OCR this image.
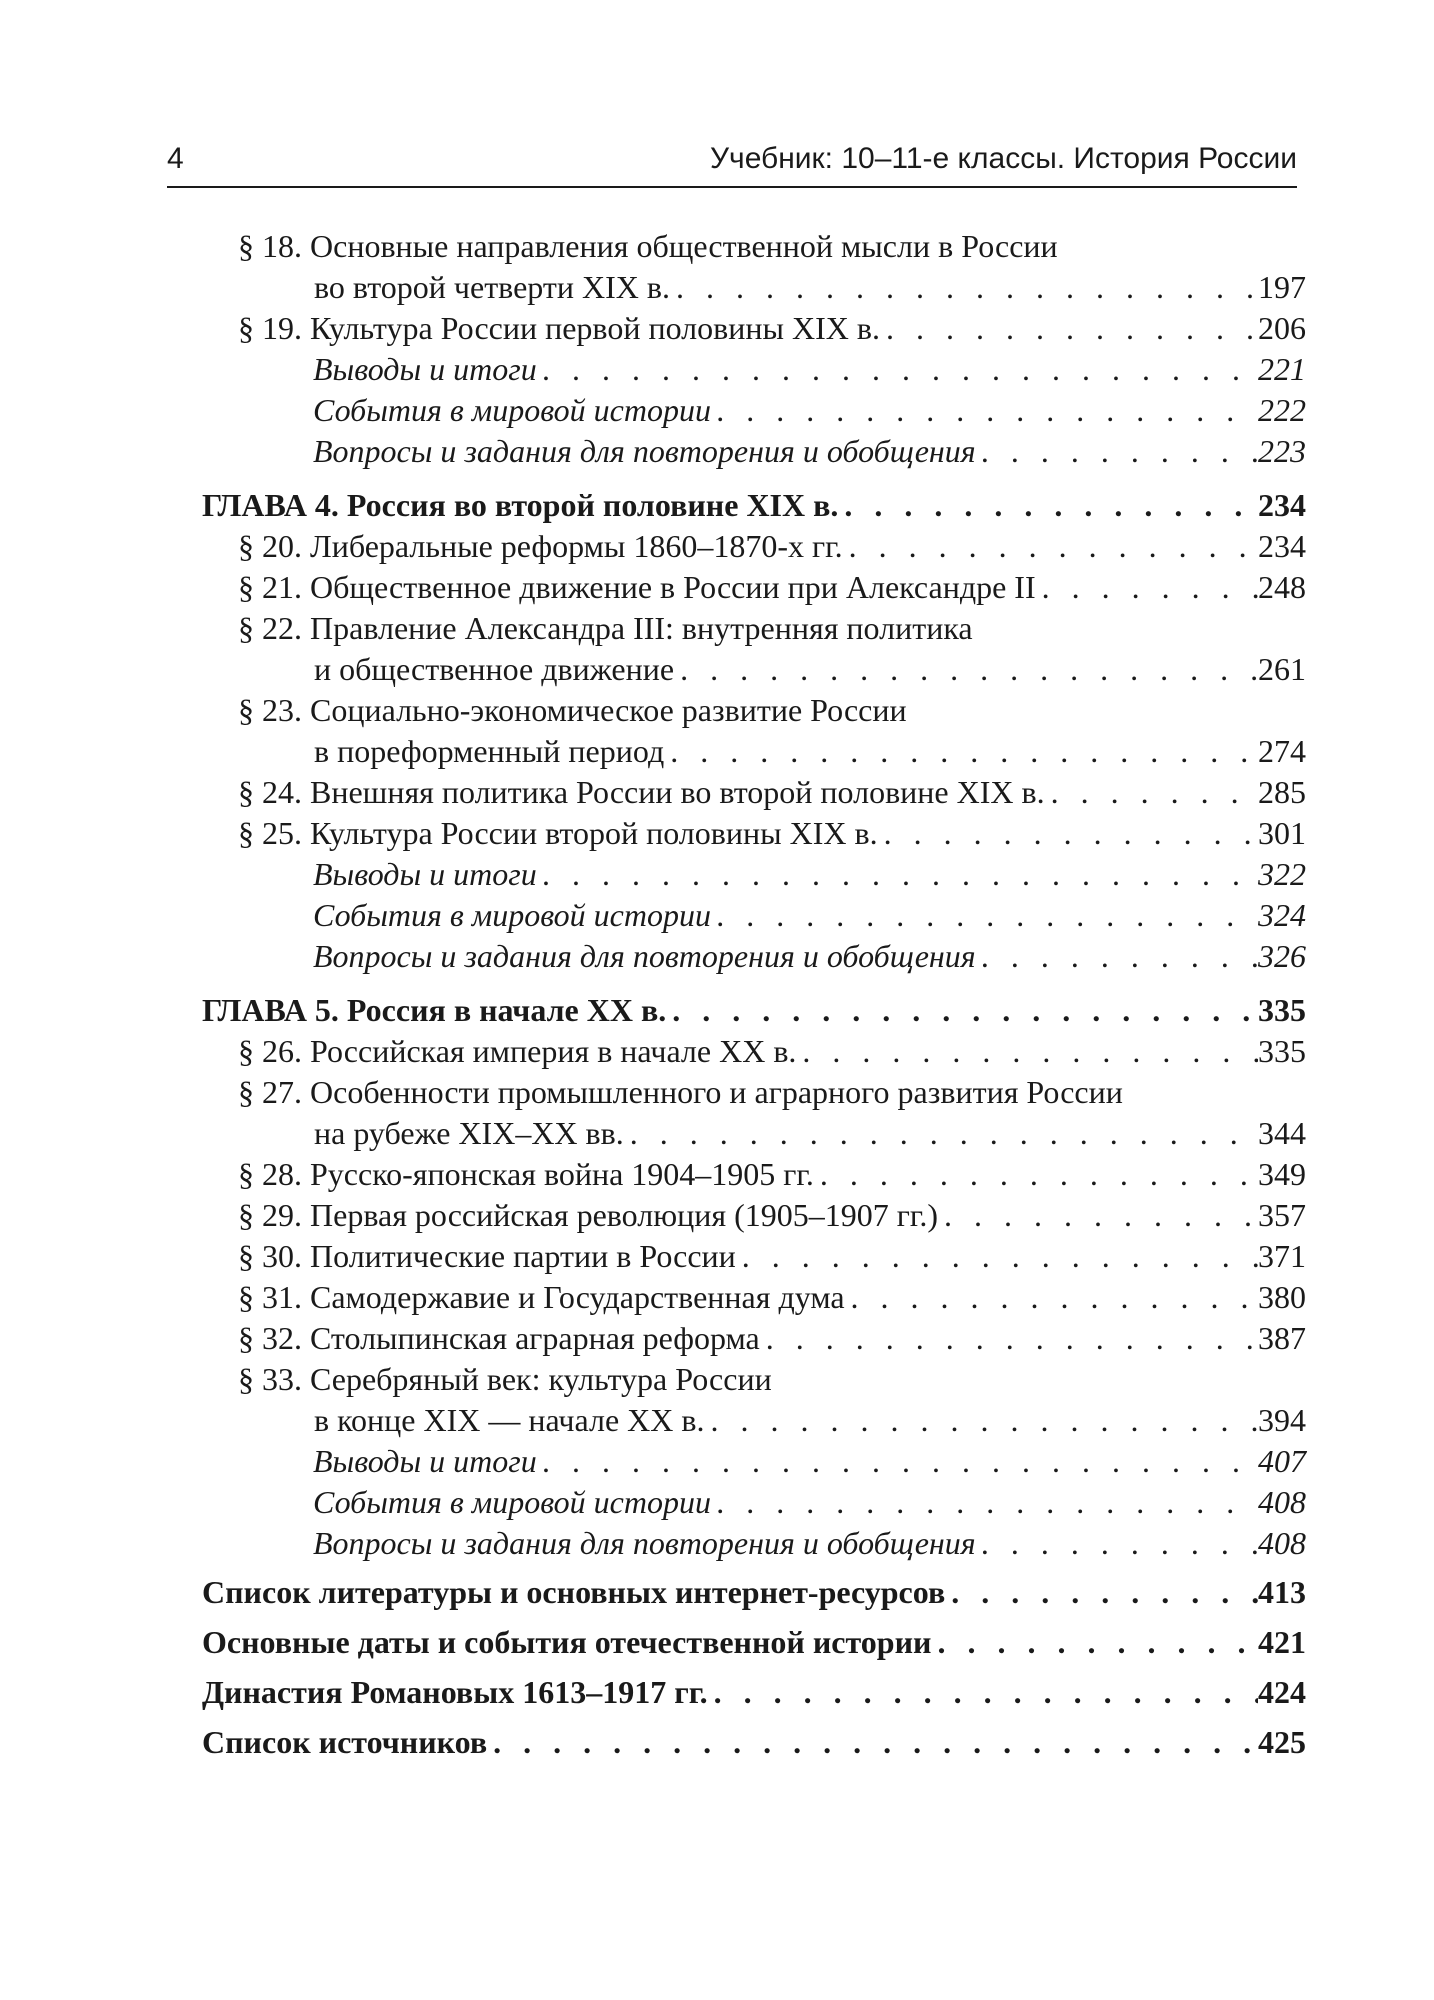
4	Учебник: 10–11-е классы. История России
§ 18. Основные направления общественной мысли в России
во второй четверти XIX в. . . .	197
§ 19. Культура России первой половины XIX в. . . .	206
Выводы и итоги . . .	221
События в мировой истории . . .	222
Вопросы и задания для повторения и обобщения . . .	223
ГЛАВА 4. Россия во второй половине XIX в. . . .	234
§ 20. Либеральные реформы 1860–1870-х гг. . . .	234
§ 21. Общественное движение в России при Александре II . . .	248
§ 22. Правление Александра III: внутренняя политика
и общественное движение . . .	261
§ 23. Социально-экономическое развитие России
в пореформенный период . . .	274
§ 24. Внешняя политика России во второй половине XIX в. . . .	285
§ 25. Культура России второй половины XIX в. . . .	301
Выводы и итоги . . .	322
События в мировой истории . . .	324
Вопросы и задания для повторения и обобщения . . .	326
ГЛАВА 5. Россия в начале XX в. . . .	335
§ 26. Российская империя в начале XX в. . . .	335
§ 27. Особенности промышленного и аграрного развития России
на рубеже XIX–XX вв. . . .	344
§ 28. Русско-японская война 1904–1905 гг. . . .	349
§ 29. Первая российская революция (1905–1907 гг.) . . .	357
§ 30. Политические партии в России . . .	371
§ 31. Самодержавие и Государственная дума . . .	380
§ 32. Столыпинская аграрная реформа . . .	387
§ 33. Серебряный век: культура России
в конце XIX — начале XX в. . . .	394
Выводы и итоги . . .	407
События в мировой истории . . .	408
Вопросы и задания для повторения и обобщения . . .	408
Список литературы и основных интернет-ресурсов . . .	413
Основные даты и события отечественной истории . . .	421
Династия Романовых 1613–1917 гг. . . .	424
Список источников . . .	425
